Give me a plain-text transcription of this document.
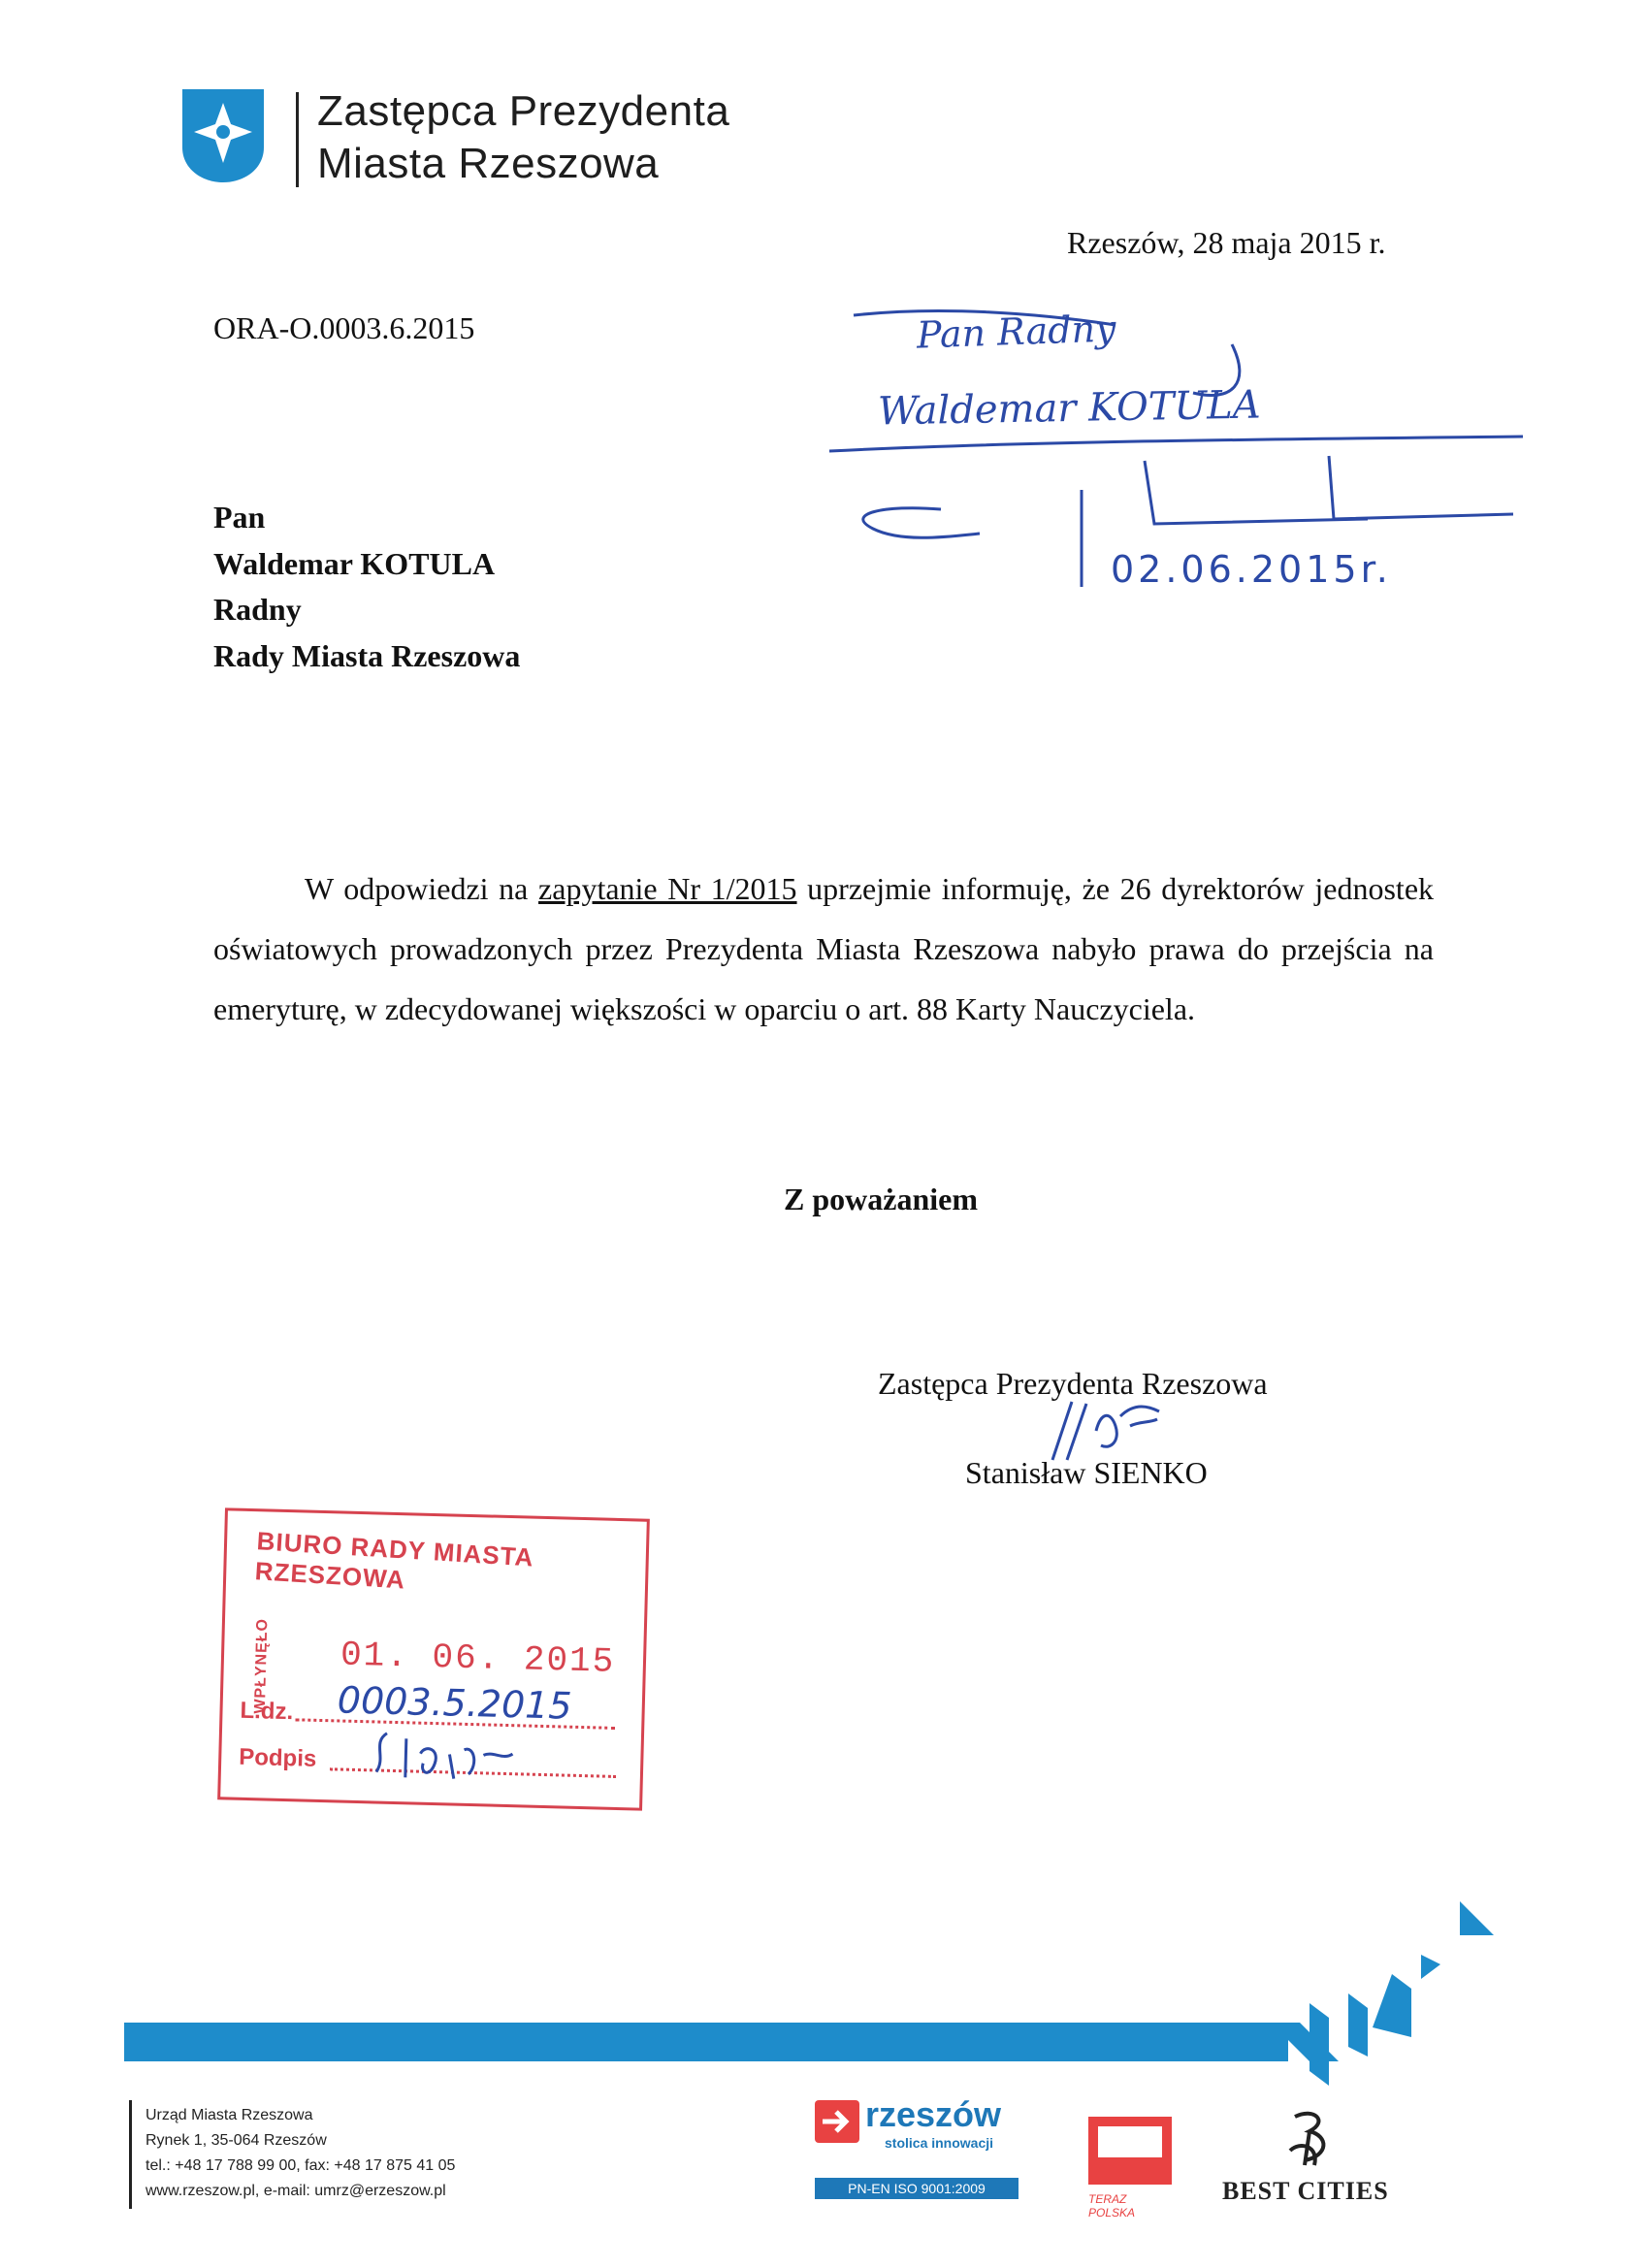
Zastępca Prezydenta
Miasta Rzeszowa
Rzeszów, 28 maja 2015 r.
ORA-O.0003.6.2015	Pan Radny
Waldemar KOTULA
02.06.2015r.
Pan
Waldemar KOTULA
Radny
Rady Miasta Rzeszowa
W odpowiedzi na zapytanie Nr 1/2015 uprzejmie informuję, że 26 dyrektorów jednostek oświatowych prowadzonych przez Prezydenta Miasta Rzeszowa nabyło prawa do przejścia na emeryturę, w zdecydowanej większości w oparciu o art. 88 Karty Nauczyciela.
Z poważaniem
Zastępca Prezydenta Rzeszowa
Stanisław SIENKO
BIURO RADY MIASTA RZESZOWA
WPŁYNĘŁO 01. 06. 2015
L.dz. 0003.5.2015
Podpis
Urząd Miasta Rzeszowa
Rynek 1, 35-064 Rzeszów
tel.: +48 17 788 99 00, fax: +48 17 875 41 05
www.rzeszow.pl, e-mail: umrz@erzeszow.pl
rzeszów
stolica innowacji
PN-EN ISO 9001:2009
TERAZ POLSKA
BEST CITIES
